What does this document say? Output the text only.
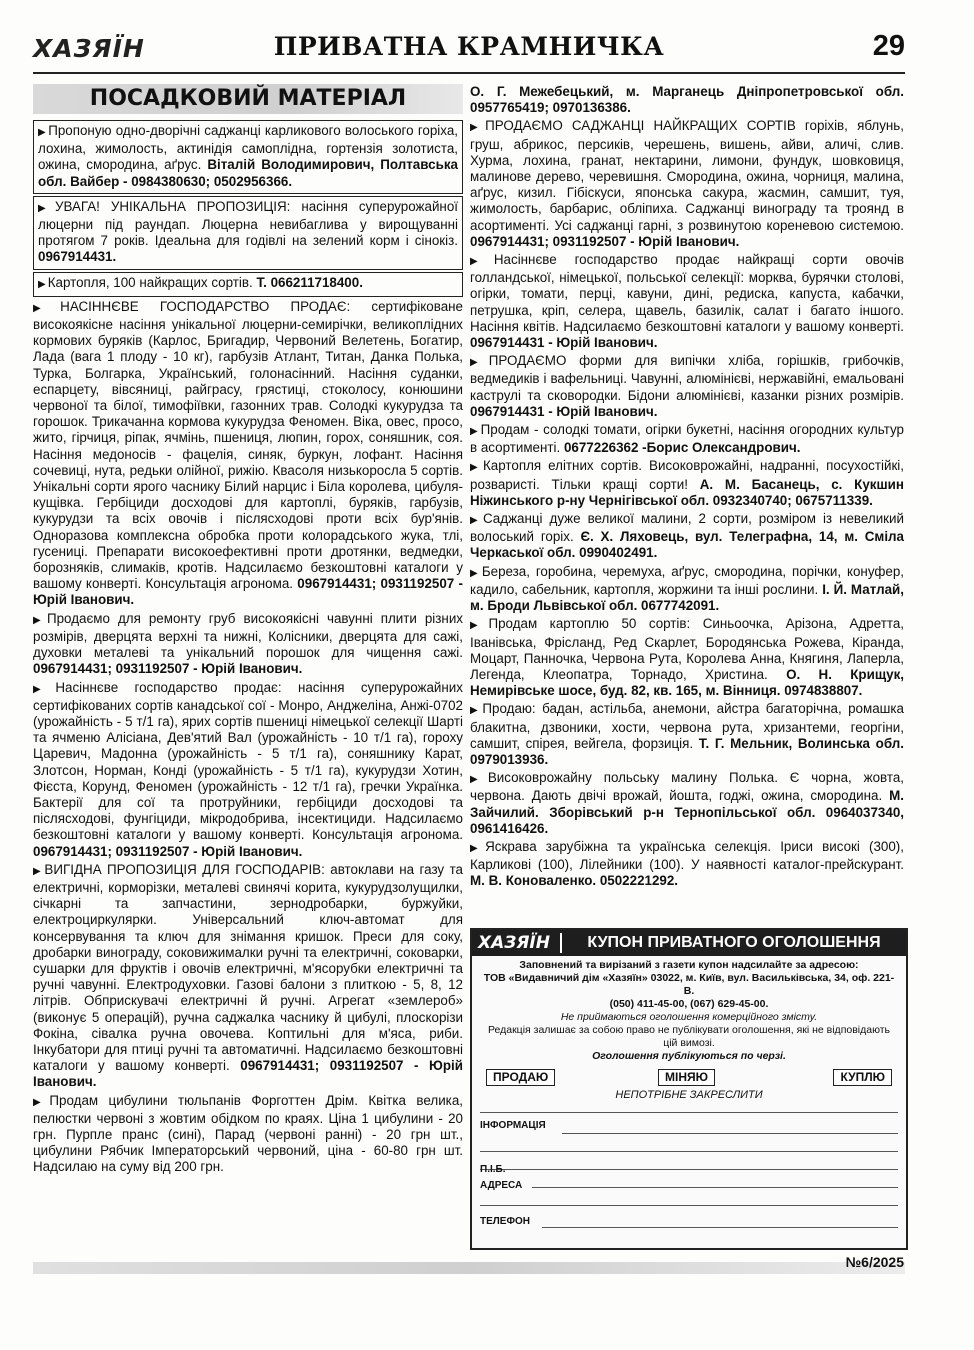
ХАЗЯЇН	ПРИВАТНА КРАМНИЧКА	29
ПОСАДКОВИЙ МАТЕРІАЛ
▶ Пропоную одно-дворічні саджанці карликового волоського горіха, лохина, жимолость, актинідія самоплідна, гортензія золотиста, ожина, смородина, аґрус. Віталій Володимирович, Полтавська обл. Вайбер - 0984380630; 0502956366.
▶ УВАГА! УНІКАЛЬНА ПРОПОЗИЦІЯ: насіння суперурожайної люцерни під раундап. Люцерна невибаглива у вирощуванні протягом 7 років. Ідеальна для годівлі на зелений корм і сінокіз. 0967914431.
▶ Картопля, 100 найкращих сортів. Т. 066211718400.
▶ НАСІННЄВЕ ГОСПОДАРСТВО ПРОДАЄ: сертифіковане високоякісне насіння унікальної люцерни-семирічки, великоплідних кормових буряків (Карлос, Бригадир, Червоний Велетень, Богатир, Лада (вага 1 плоду - 10 кг), гарбузів Атлант, Титан, Данка Полька, Турка, Болгарка, Український, голонасінний. Насіння суданки, еспарцету, вівсяниці, райграсу, грястиці, стоколосу, конюшини червоної та білої, тимофіївки, газонних трав. Солодкі кукурудза та горошок. Трикачанна кормова кукурудза Феномен. Віка, овес, просо, жито, гірчиця, ріпак, ячмінь, пшениця, люпин, горох, соняшник, соя. Насіння медоносів - фацелія, синяк, буркун, лофант. Насіння сочевиці, нута, редьки олійної, рижію. Квасоля низькоросла 5 сортів. Унікальні сорти ярого часнику Білий нарцис і Біла королева, цибуля-кущівка. Гербіциди досходові для картоплі, буряків, гарбузів, кукурудзи та всіх овочів і післясходові проти всіх бур'янів. Одноразова комплексна обробка проти колорадського жука, тлі, гусениці. Препарати високоефективні проти дротянки, ведмедки, борозняків, слимаків, кротів. Надсилаємо безкоштовні каталоги у вашому конверті. Консультація агронома. 0967914431; 0931192507 - Юрій Іванович.
▶ Продаємо для ремонту груб високоякісні чавунні плити різних розмірів, дверцята верхні та нижні, Колісники, дверцята для сажі, духовки металеві та унікальний порошок для чищення сажі. 0967914431; 0931192507 - Юрій Іванович.
▶ Насіннєве господарство продає: насіння суперурожайних сертифікованих сортів канадської сої - Монро, Анджеліна, Анжі-0702 (урожайність - 5 т/1 га), ярих сортів пшениці німецької селекції Шарті та ячменю Алісіана, Дев'ятий Вал (урожайність - 10 т/1 га), гороху Царевич, Мадонна (урожайність - 5 т/1 га), соняшнику Карат, Злотсон, Норман, Конді (урожайність - 5 т/1 га), кукурудзи Хотин, Фієста, Корунд, Феномен (урожайність - 12 т/1 га), гречки Українка. Бактерії для сої та протруйники, гербіциди досходові та післясходові, фунгіциди, мікродобрива, інсектициди. Надсилаємо безкоштовні каталоги у вашому конверті. Консультація агронома. 0967914431; 0931192507 - Юрій Іванович.
▶ ВИГІДНА ПРОПОЗИЦІЯ ДЛЯ ГОСПОДАРІВ: автоклави на газу та електричні, корморізки, металеві свинячі корита, кукурудзолущилки, січкарні та запчастини, зернодробарки, буржуйки, електроциркулярки. Універсальний ключ-автомат для консервування та ключ для знімання кришок. Преси для соку, дробарки винограду, соковижималки ручні та електричні, соковарки, сушарки для фруктів і овочів електричні, м'ясорубки електричні та ручні чавунні. Електродуховки. Газові балони з плиткою - 5, 8, 12 літрів. Обприскувачі електричні й ручні. Агрегат «землероб» (виконує 5 операцій), ручна саджалка часнику й цибулі, плоскорізи Фокіна, сівалка ручна овочева. Коптильні для м'яса, риби. Інкубатори для птиці ручні та автоматичні. Надсилаємо безкоштовні каталоги у вашому конверті. 0967914431; 0931192507 - Юрій Іванович.
▶ Продам цибулини тюльпанів Форготтен Дрім. Квітка велика, пелюстки червоні з жовтим обідком по краях. Ціна 1 цибулини - 20 грн. Пурпле пранс (сині), Парад (червоні ранні) - 20 грн шт., цибулини Рябчик Імператорський червоний, ціна - 60-80 грн шт. Надсилаю на суму від 200 грн.
О. Г. Межебецький, м. Марганець Дніпропетровської обл. 0957765419; 0970136386.
▶ ПРОДАЄМО САДЖАНЦІ НАЙКРАЩИХ СОРТІВ горіхів, яблунь, груш, абрикос, персиків, черешень, вишень, айви, аличі, слив. Хурма, лохина, гранат, нектарини, лимони, фундук, шовковиця, малинове дерево, черевишня. Смородина, ожина, чорниця, малина, аґрус, кизил. Гібіскуси, японська сакура, жасмин, самшит, туя, жимолость, барбарис, обліпиха. Саджанці винограду та троянд в асортименті. Усі саджанці гарні, з розвинутою кореневою системою. 0967914431; 0931192507 - Юрій Іванович.
▶ Насіннєве господарство продає найкращі сорти овочів голландської, німецької, польської селекції: морква, бурячки столові, огірки, томати, перці, кавуни, дині, редиска, капуста, кабачки, петрушка, кріп, селера, щавель, базилік, салат і багато іншого. Насіння квітів. Надсилаємо безкоштовні каталоги у вашому конверті. 0967914431 - Юрій Іванович.
▶ ПРОДАЄМО форми для випічки хліба, горішків, грибочків, ведмедиків і вафельниці. Чавунні, алюмінієві, нержавійні, емальовані каструлі та сковородки. Бідони алюмінієві, казанки різних розмірів. 0967914431 - Юрій Іванович.
▶ Продам - солодкі томати, огірки букетні, насіння огородних культур в асортименті. 0677226362 -Борис Олександрович.
▶ Картопля елітних сортів. Високоврожайні, надранні, посухостійкі, розваристі. Тільки кращі сорти! А. М. Басанець, с. Кукшин Ніжинського р-ну Чернігівської обл. 0932340740; 0675711339.
▶ Саджанці дуже великої малини, 2 сорти, розміром із невеликий волоський горіх. Є. Х. Ляховець, вул. Телеграфна, 14, м. Сміла Черкаської обл. 0990402491.
▶ Береза, горобина, черемуха, аґрус, смородина, порічки, конуфер, кадило, сабельник, картопля, жоржини та інші рослини. І. Й. Матлай, м. Броди Львівської обл. 0677742091.
▶ Продам картоплю 50 сортів: Синьоочка, Арізона, Адретта, Іванівська, Фрісланд, Ред Скарлет, Бородянська Рожева, Кіранда, Моцарт, Панночка, Червона Рута, Королева Анна, Княгиня, Лаперла, Легенда, Клеопатра, Торнадо, Христина. О. Н. Крищук, Немирівське шосе, буд. 82, кв. 165, м. Вінниця. 0974838807.
▶ Продаю: бадан, астільба, анемони, айстра багаторічна, ромашка блакитна, дзвоники, хости, червона рута, хризантеми, георгіни, самшит, спірея, вейгела, форзиція. Т. Г. Мельник, Волинська обл. 0979013936.
▶ Високоврожайну польську малину Полька. Є чорна, жовта, червона. Дають двічі врожай, йошта, годжі, ожина, смородина. М. Зайчилий. Зборівський р-н Тернопільської обл. 0964037340, 0961416426.
▶ Яскрава зарубіжна та українська селекція. Іриси високі (300), Карликові (100), Лілейники (100). У наявності каталог-прейскурант. М. В. Коноваленко. 0502221292.
ХАЗЯЇН	КУПОН ПРИВАТНОГО ОГОЛОШЕННЯ
Заповнений та вирізаний з газети купон надсилайте за адресою:
ТОВ «Видавничий дім «Хазяїн» 03022, м. Київ, вул. Васильківська, 34, оф. 221-В.
(050) 411-45-00, (067) 629-45-00.
Не приймаються оголошення комерційного змісту.
Редакція залишає за собою право не публікувати оголошення, які не відповідають цій вимозі.
Оголошення публікуються по черзі.
ПРОДАЮ	МІНЯЮ	КУПЛЮ
НЕПОТРІБНЕ ЗАКРЕСЛИТИ
ІНФОРМАЦІЯ
П.І.Б.
АДРЕСА
ТЕЛЕФОН
№6/2025
